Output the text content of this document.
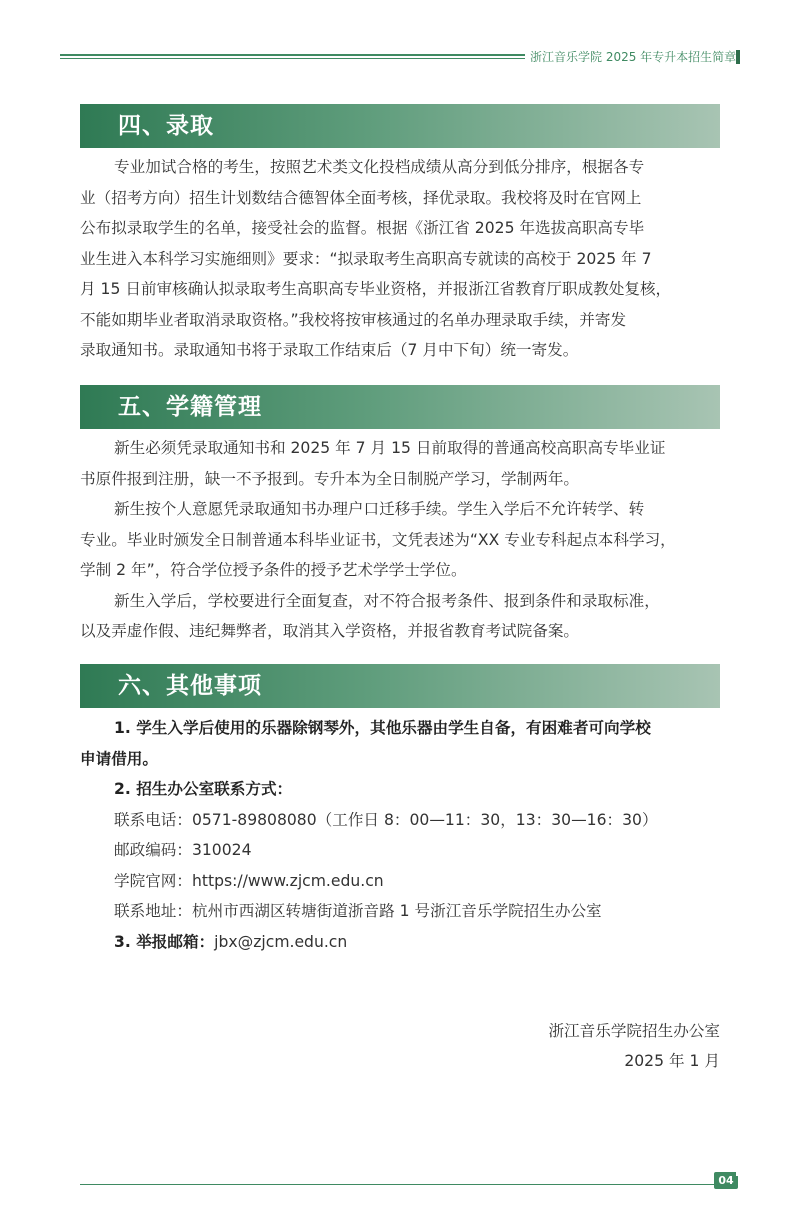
浙江音乐学院 2025 年专升本招生简章
四、录取

专业加试合格的考生，按照艺术类文化投档成绩从高分到低分排序，根据各专

业（招考方向）招生计划数结合德智体全面考核，择优录取。我校将及时在官网上

公布拟录取学生的名单，接受社会的监督。根据《浙江省 2025 年选拔高职高专毕

业生进入本科学习实施细则》要求：“拟录取考生高职高专就读的高校于 2025 年 7

月 15 日前审核确认拟录取考生高职高专毕业资格，并报浙江省教育厅职成教处复核，

不能如期毕业者取消录取资格。”我校将按审核通过的名单办理录取手续，并寄发

录取通知书。录取通知书将于录取工作结束后（7 月中下旬）统一寄发。

五、学籍管理

新生必须凭录取通知书和 2025 年 7 月 15 日前取得的普通高校高职高专毕业证

书原件报到注册，缺一不予报到。专升本为全日制脱产学习，学制两年。

新生按个人意愿凭录取通知书办理户口迁移手续。学生入学后不允许转学、转

专业。毕业时颁发全日制普通本科毕业证书，文凭表述为“XX 专业专科起点本科学习，

学制 2 年”，符合学位授予条件的授予艺术学学士学位。

新生入学后，学校要进行全面复查，对不符合报考条件、报到条件和录取标准，

以及弄虚作假、违纪舞弊者，取消其入学资格，并报省教育考试院备案。

六、其他事项

1. 学生入学后使用的乐器除钢琴外，其他乐器由学生自备，有困难者可向学校

申请借用。

2. 招生办公室联系方式：

联系电话：0571-89808080（工作日 8：00—11：30，13：30—16：30）

邮政编码：310024

学院官网：https://www.zjcm.edu.cn

联系地址：杭州市西湖区转塘街道浙音路 1 号浙江音乐学院招生办公室

3. 举报邮箱：jbx@zjcm.edu.cn

浙江音乐学院招生办公室
2025 年 1 月
04
